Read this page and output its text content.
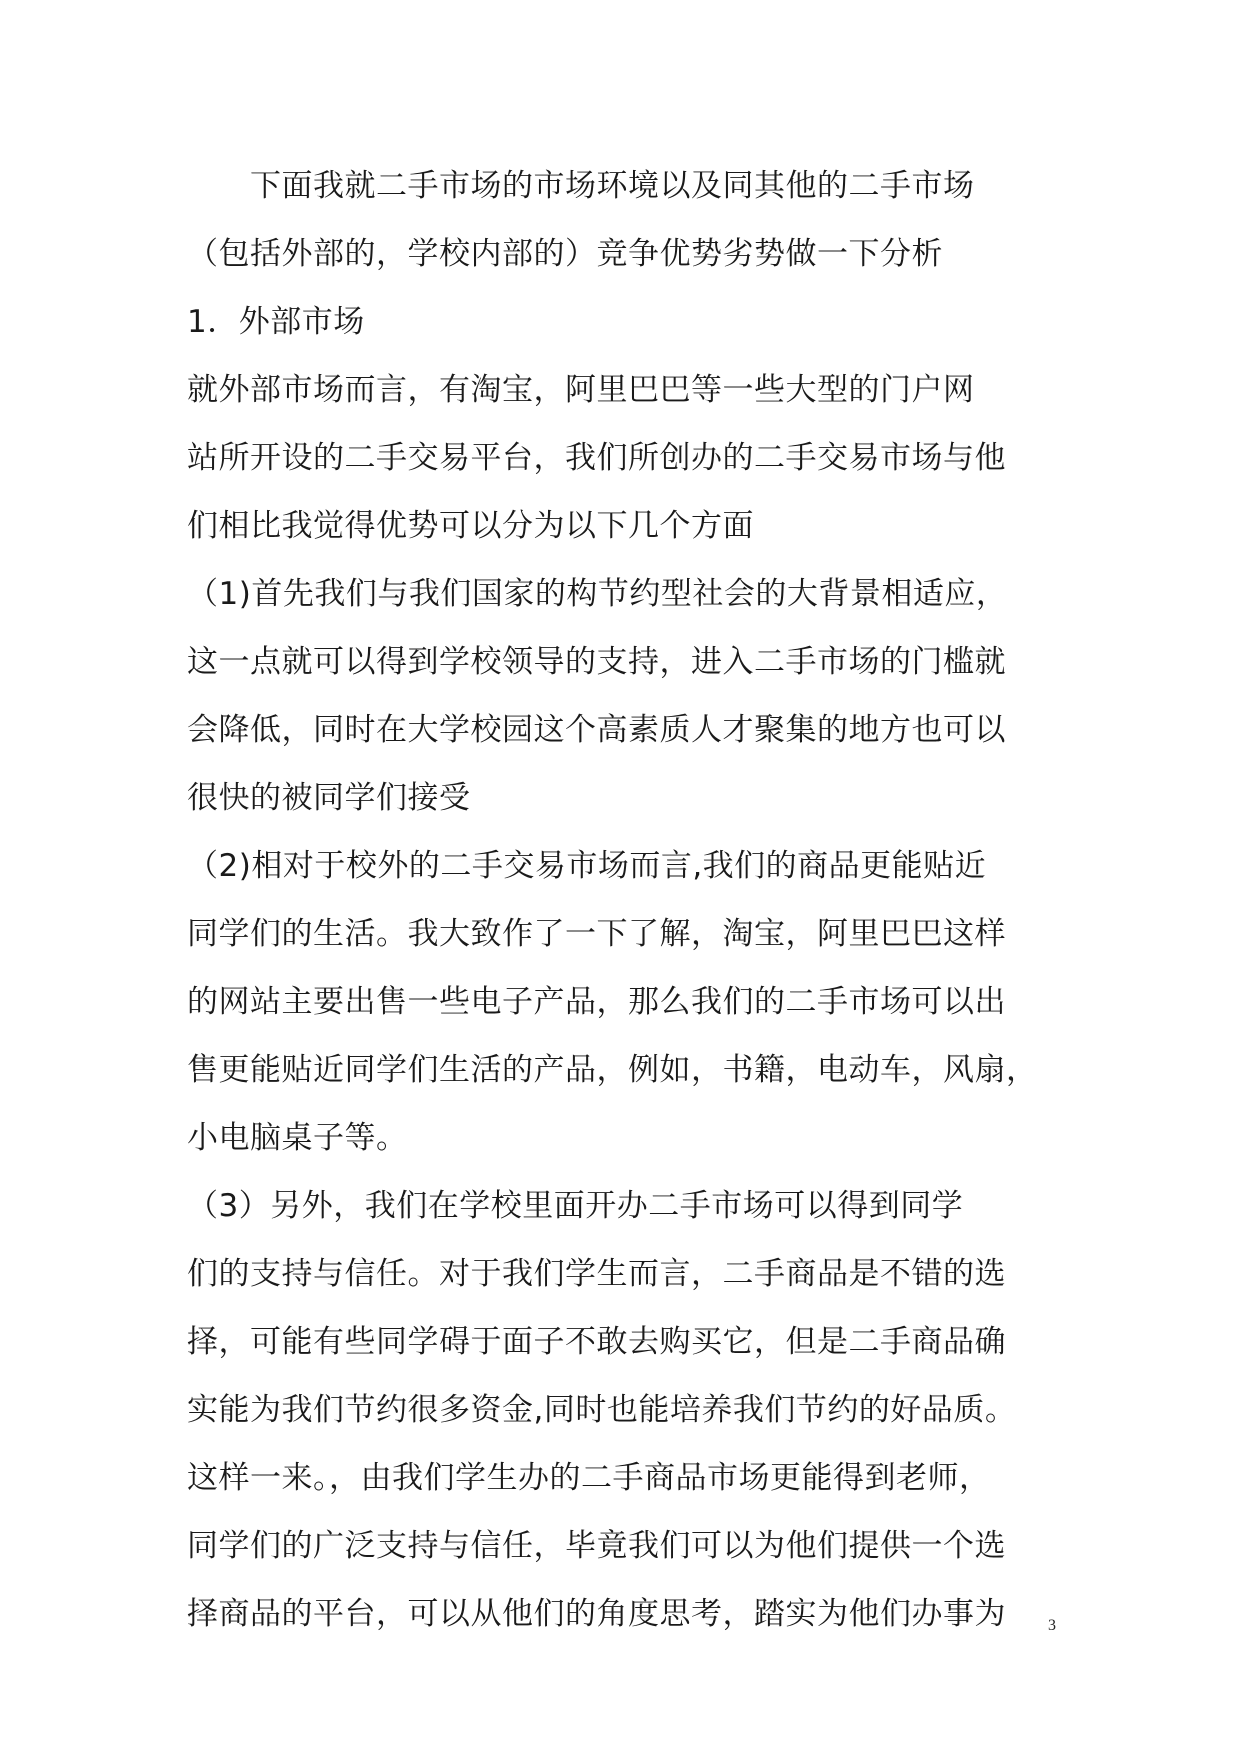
　　下面我就二手市场的市场环境以及同其他的二手市场
（包括外部的，学校内部的）竞争优势劣势做一下分析
1．外部市场
就外部市场而言，有淘宝，阿里巴巴等一些大型的门户网
站所开设的二手交易平台，我们所创办的二手交易市场与他
们相比我觉得优势可以分为以下几个方面
（1)首先我们与我们国家的构节约型社会的大背景相适应，
这一点就可以得到学校领导的支持，进入二手市场的门槛就
会降低，同时在大学校园这个高素质人才聚集的地方也可以
很快的被同学们接受
（2)相对于校外的二手交易市场而言,我们的商品更能贴近
同学们的生活。我大致作了一下了解，淘宝，阿里巴巴这样
的网站主要出售一些电子产品，那么我们的二手市场可以出
售更能贴近同学们生活的产品，例如，书籍，电动车，风扇，
小电脑桌子等。
（3）另外，我们在学校里面开办二手市场可以得到同学
们的支持与信任。对于我们学生而言，二手商品是不错的选
择，可能有些同学碍于面子不敢去购买它，但是二手商品确
实能为我们节约很多资金,同时也能培养我们节约的好品质。
这样一来。，由我们学生办的二手商品市场更能得到老师，
同学们的广泛支持与信任，毕竟我们可以为他们提供一个选
择商品的平台，可以从他们的角度思考，踏实为他们办事为	3
